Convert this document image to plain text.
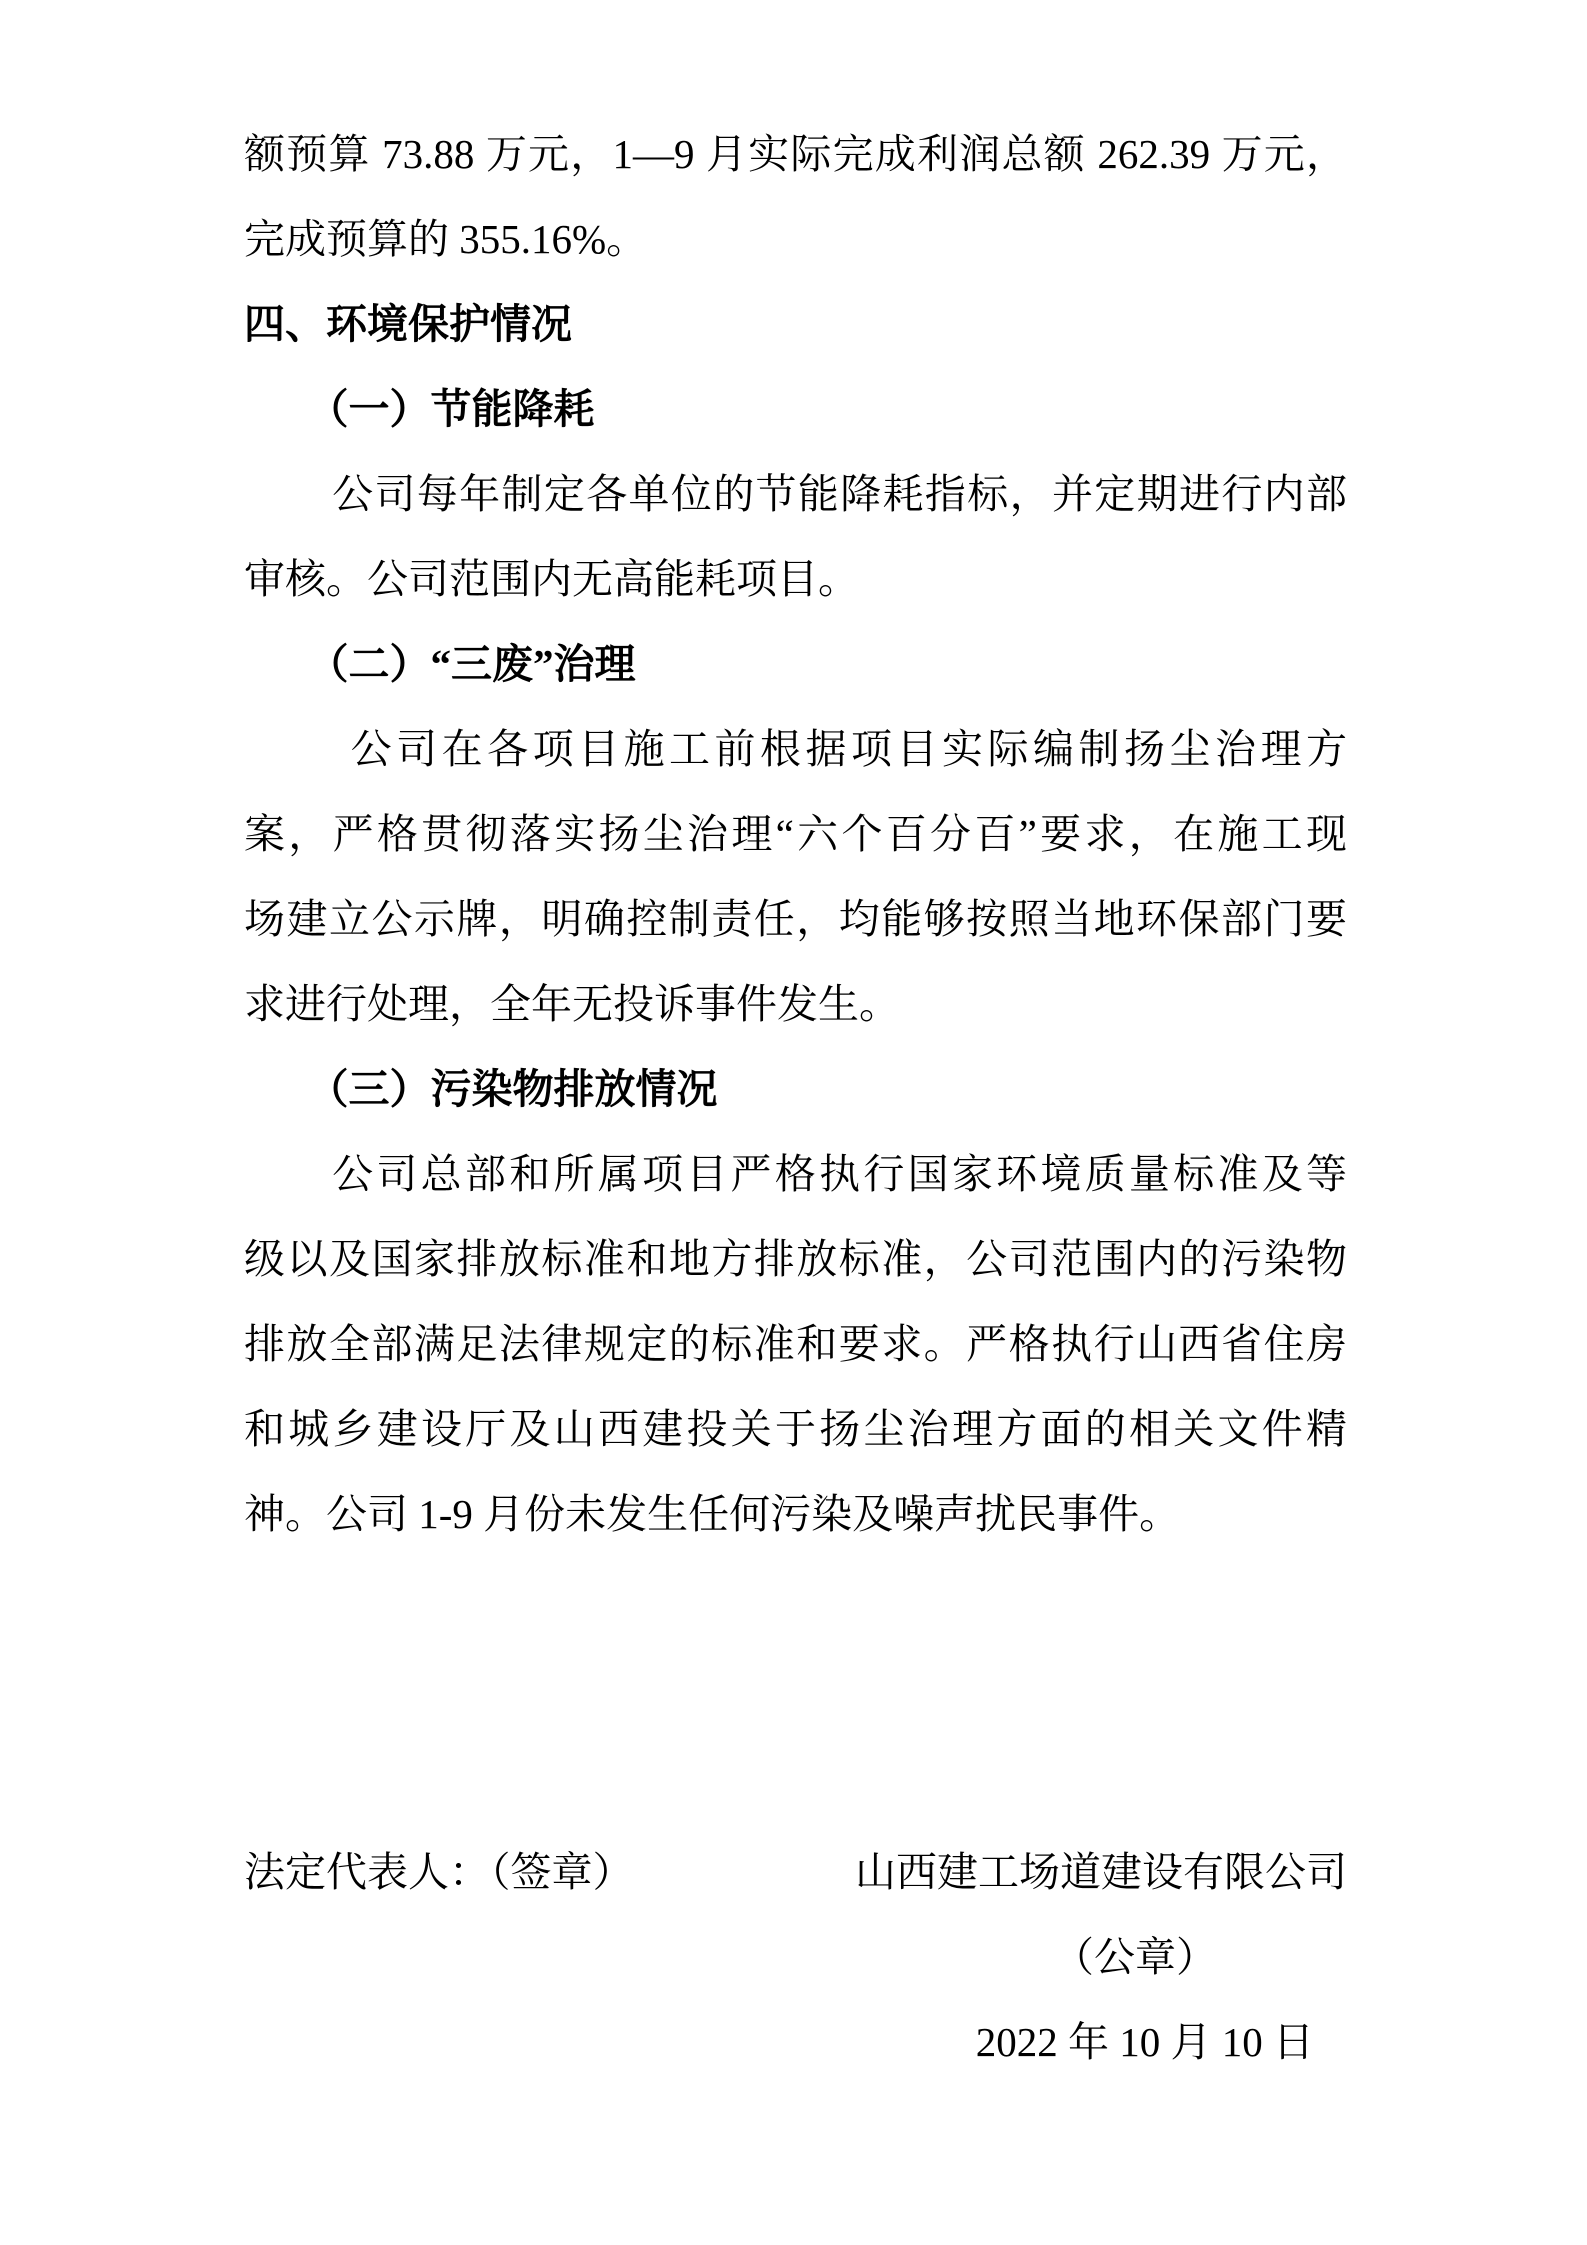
额预算 73.88 万元，1—9 月实际完成利润总额 262.39 万元，
完成预算的 355.16%。
四、环境保护情况
（一）节能降耗
公司每年制定各单位的节能降耗指标，并定期进行内部
审核。公司范围内无高能耗项目。
（二）“三废”治理
公司在各项目施工前根据项目实际编制扬尘治理方
案，严格贯彻落实扬尘治理“六个百分百”要求，在施工现
场建立公示牌，明确控制责任，均能够按照当地环保部门要
求进行处理，全年无投诉事件发生。
（三）污染物排放情况
公司总部和所属项目严格执行国家环境质量标准及等
级以及国家排放标准和地方排放标准，公司范围内的污染物
排放全部满足法律规定的标准和要求。严格执行山西省住房
和城乡建设厅及山西建投关于扬尘治理方面的相关文件精
神。公司 1-9 月份未发生任何污染及噪声扰民事件。
法定代表人：（签章）	山西建工场道建设有限公司
（公章）
2022 年 10 月 10 日
